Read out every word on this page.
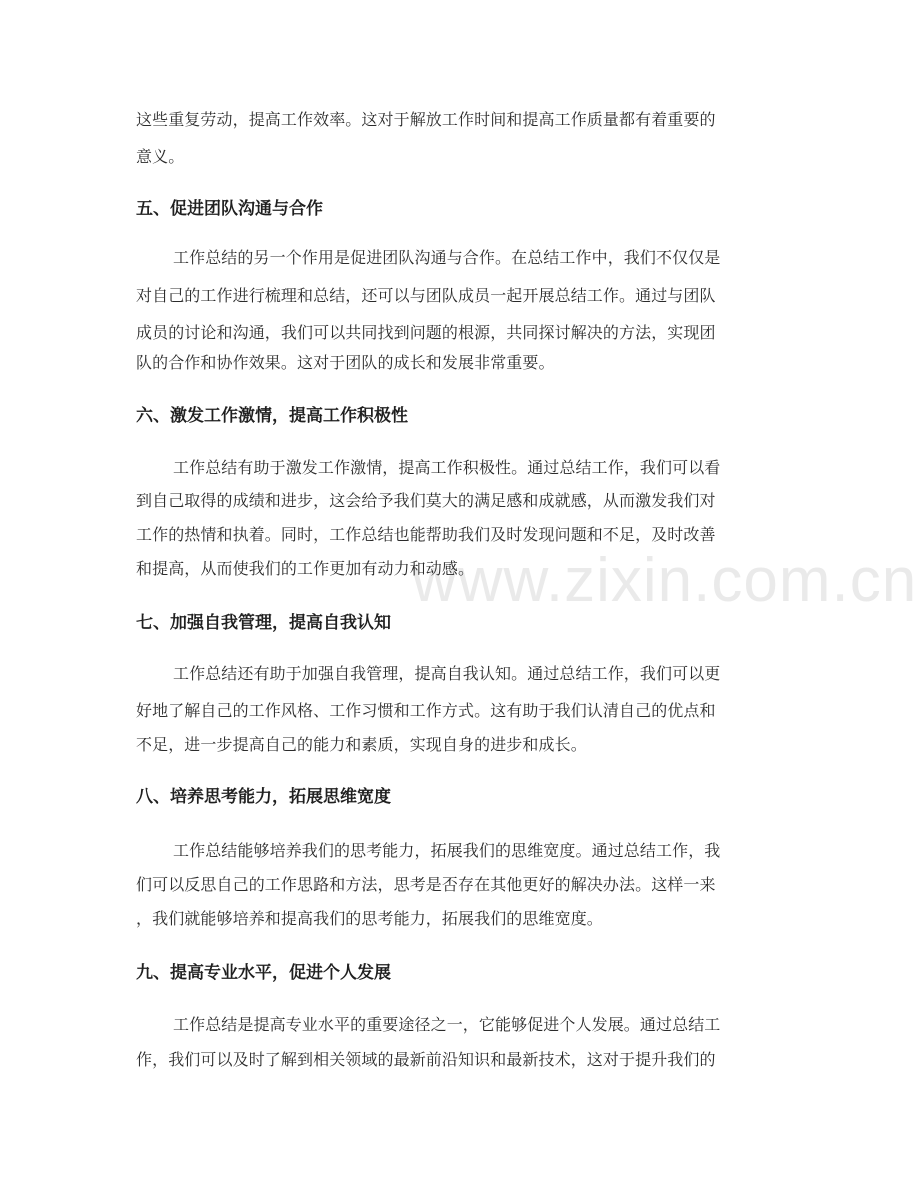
www.zixin.com.cn
这些重复劳动，提高工作效率。这对于解放工作时间和提高工作质量都有着重要的
意义。
五、促进团队沟通与合作
工作总结的另一个作用是促进团队沟通与合作。在总结工作中，我们不仅仅是
对自己的工作进行梳理和总结，还可以与团队成员一起开展总结工作。通过与团队
成员的讨论和沟通，我们可以共同找到问题的根源，共同探讨解决的方法，实现团
队的合作和协作效果。这对于团队的成长和发展非常重要。
六、激发工作激情，提高工作积极性
工作总结有助于激发工作激情，提高工作积极性。通过总结工作，我们可以看
到自己取得的成绩和进步，这会给予我们莫大的满足感和成就感，从而激发我们对
工作的热情和执着。同时，工作总结也能帮助我们及时发现问题和不足，及时改善
和提高，从而使我们的工作更加有动力和动感。
七、加强自我管理，提高自我认知
工作总结还有助于加强自我管理，提高自我认知。通过总结工作，我们可以更
好地了解自己的工作风格、工作习惯和工作方式。这有助于我们认清自己的优点和
不足，进一步提高自己的能力和素质，实现自身的进步和成长。
八、培养思考能力，拓展思维宽度
工作总结能够培养我们的思考能力，拓展我们的思维宽度。通过总结工作，我
们可以反思自己的工作思路和方法，思考是否存在其他更好的解决办法。这样一来
，我们就能够培养和提高我们的思考能力，拓展我们的思维宽度。
九、提高专业水平，促进个人发展
工作总结是提高专业水平的重要途径之一，它能够促进个人发展。通过总结工
作，我们可以及时了解到相关领域的最新前沿知识和最新技术，这对于提升我们的
